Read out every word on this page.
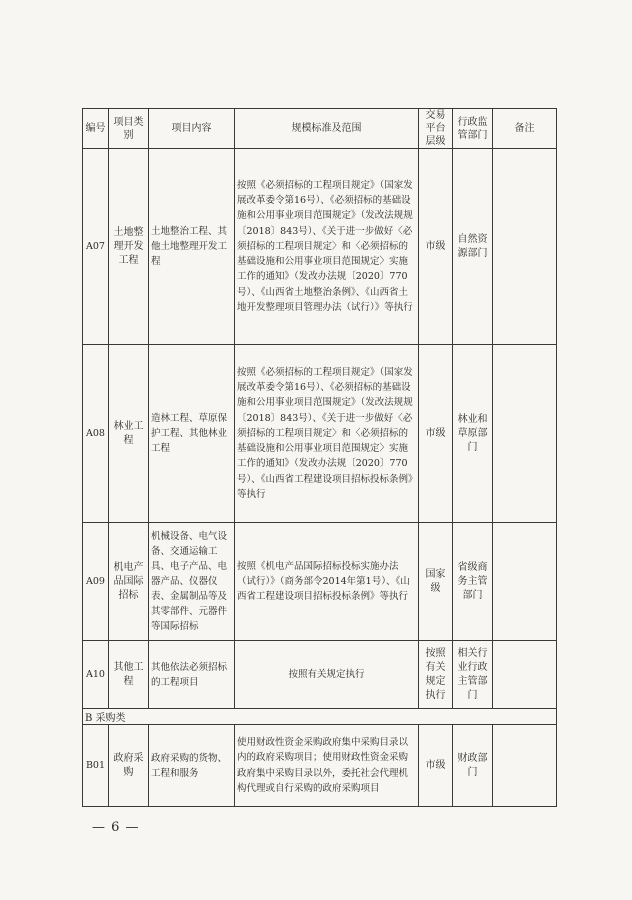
编号	项目类别	项目内容	规模标准及范围	交易平台层级	行政监管部门	备注
A07	土地整理开发工程	土地整治工程、其他土地整理开发工程	按照《必须招标的工程项目规定》（国家发展改革委令第16号）、《必须招标的基础设施和公用事业项目范围规定》（发改法规规〔2018〕843号）、《关于进一步做好〈必须招标的工程项目规定〉和〈必须招标的基础设施和公用事业项目范围规定〉实施工作的通知》（发改办法规〔2020〕770号）、《山西省土地整治条例》、《山西省土地开发整理项目管理办法（试行）》等执行	市级	自然资源部门	
A08	林业工程	造林工程、草原保护工程、其他林业工程	按照《必须招标的工程项目规定》（国家发展改革委令第16号）、《必须招标的基础设施和公用事业项目范围规定》（发改法规规〔2018〕843号）、《关于进一步做好〈必须招标的工程项目规定〉和〈必须招标的基础设施和公用事业项目范围规定〉实施工作的通知》（发改办法规〔2020〕770号）、《山西省工程建设项目招标投标条例》等执行	市级	林业和草原部门	
A09	机电产品国际招标	机械设备、电气设备、交通运输工具、电子产品、电器产品、仪器仪表、金属制品等及其零部件、元器件等国际招标	按照《机电产品国际招标投标实施办法（试行）》（商务部令2014年第1号）、《山西省工程建设项目招标投标条例》等执行	国家级	省级商务主管部门	
A10	其他工程	其他依法必须招标的工程项目	按照有关规定执行	按照有关规定执行	相关行业行政主管部门	
B 采购类						
B01	政府采购	政府采购的货物、工程和服务	使用财政性资金采购政府集中采购目录以内的政府采购项目；使用财政性资金采购政府集中采购目录以外，委托社会代理机构代理或自行采购的政府采购项目	市级	财政部门	
— 6 —
